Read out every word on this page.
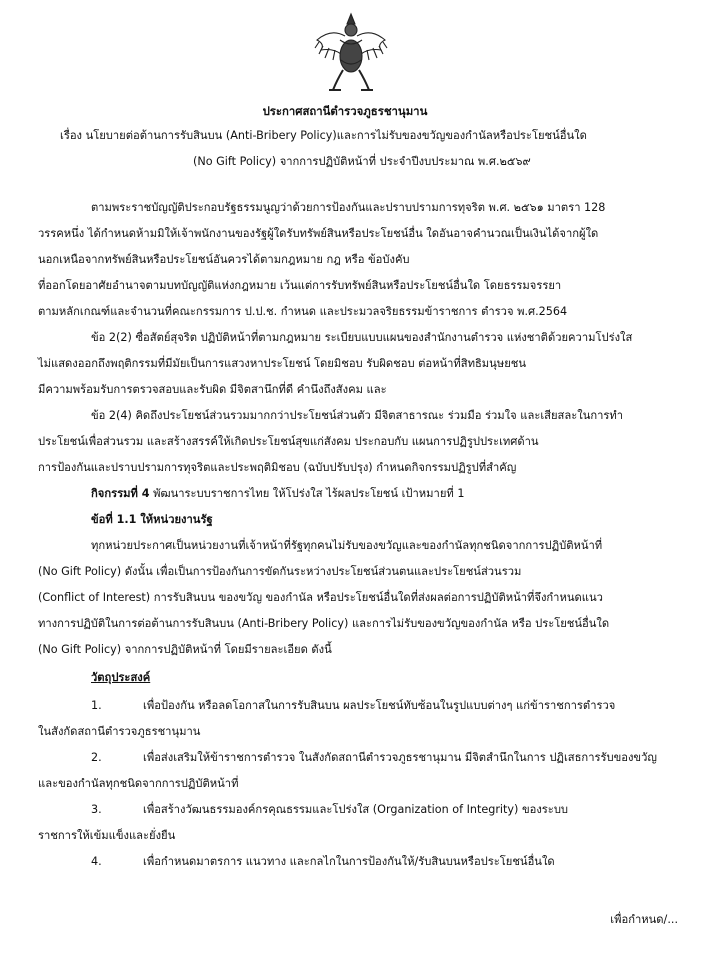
ประกาศสถานีตำรวจภูธรชานุมาน
เรื่อง นโยบายต่อต้านการรับสินบน (Anti-Bribery Policy)และการไม่รับของขวัญของกำนัลหรือประโยชน์อื่นใด
(No Gift Policy) จากการปฏิบัติหน้าที่ ประจำปีงบประมาณ พ.ศ.๒๕๖๙
ตามพระราชบัญญัติประกอบรัฐธรรมนูญว่าด้วยการป้องกันและปราบปรามการทุจริต พ.ศ. ๒๕๖๑ มาตรา 128
วรรคหนึ่ง ได้กำหนดห้ามมิให้เจ้าพนักงานของรัฐผู้ใดรับทรัพย์สินหรือประโยชน์อื่น ใดอันอาจคำนวณเป็นเงินได้จากผู้ใด
นอกเหนือจากทรัพย์สินหรือประโยชน์อันควรได้ตามกฎหมาย กฎ หรือ ข้อบังคับ
ที่ออกโดยอาศัยอำนาจตามบทบัญญัติแห่งกฎหมาย เว้นแต่การรับทรัพย์สินหรือประโยชน์อื่นใด โดยธรรมจรรยา
ตามหลักเกณฑ์และจำนวนที่คณะกรรมการ ป.ป.ช. กำหนด และประมวลจริยธรรมข้าราชการ ตำรวจ พ.ศ.2564
ข้อ 2(2) ซื่อสัตย์สุจริต ปฏิบัติหน้าที่ตามกฎหมาย ระเบียบแบบแผนของสำนักงานตำรวจ แห่งชาติด้วยความโปร่งใส
ไม่แสดงออกถึงพฤติกรรมที่มีมัยเป็นการแสวงหาประโยชน์ โดยมิชอบ รับผิดชอบ ต่อหน้าที่สิทธิมนุษยชน
มีความพร้อมรับการตรวจสอบและรับผิด มีจิตสานึกที่ดี คำนึงถึงสังคม และ
ข้อ 2(4) คิดถึงประโยชน์ส่วนรวมมากกว่าประโยชน์ส่วนตัว มีจิตสาธารณะ ร่วมมือ ร่วมใจ และเสียสละในการทำ
ประโยชน์เพื่อส่วนรวม และสร้างสรรค์ให้เกิดประโยชน์สุขแก่สังคม ประกอบกับ แผนการปฏิรูปประเทศด้าน
การป้องกันและปราบปรามการทุจริตและประพฤติมิชอบ (ฉบับปรับปรุง) กำหนดกิจกรรมปฏิรูปที่สำคัญ
กิจกรรมที่ 4 พัฒนาระบบราชการไทย ให้โปร่งใส ไร้ผลประโยชน์ เป้าหมายที่ 1
ข้อที่ 1.1 ให้หน่วยงานรัฐ
ทุกหน่วยประกาศเป็นหน่วยงานที่เจ้าหน้าที่รัฐทุกคนไม่รับของขวัญและของกำนัลทุกชนิดจากการปฏิบัติหน้าที่
(No Gift Policy) ดังนั้น เพื่อเป็นการป้องกันการขัดกันระหว่างประโยชน์ส่วนตนและประโยชน์ส่วนรวม
(Conflict of Interest) การรับสินบน ของขวัญ ของกำนัล หรือประโยชน์อื่นใดที่ส่งผลต่อการปฏิบัติหน้าที่จึงกำหนดแนว
ทางการปฏิบัติในการต่อต้านการรับสินบน (Anti-Bribery Policy) และการไม่รับของขวัญของกำนัล หรือ ประโยชน์อื่นใด
(No Gift Policy) จากการปฏิบัติหน้าที่ โดยมีรายละเอียด ดังนี้
วัตถุประสงค์
1.	เพื่อป้องกัน หรือลดโอกาสในการรับสินบน ผลประโยชน์ทับซ้อนในรูปแบบต่างๆ แก่ข้าราชการตำรวจ
ในสังกัดสถานีตำรวจภูธรชานุมาน
2.	เพื่อส่งเสริมให้ข้าราชการตำรวจ ในสังกัดสถานีตำรวจภูธรชานุมาน มีจิตสำนึกในการ ปฏิเสธการรับของขวัญ
และของกำนัลทุกชนิดจากการปฏิบัติหน้าที่
3.	เพื่อสร้างวัฒนธรรมองค์กรคุณธรรมและโปร่งใส (Organization of Integrity) ของระบบ
ราชการให้เข้มแข็งและยั่งยืน
4.	เพื่อกำหนดมาตรการ แนวทาง และกลไกในการป้องกันให้/รับสินบนหรือประโยชน์อื่นใด
เพื่อกำหนด/...
